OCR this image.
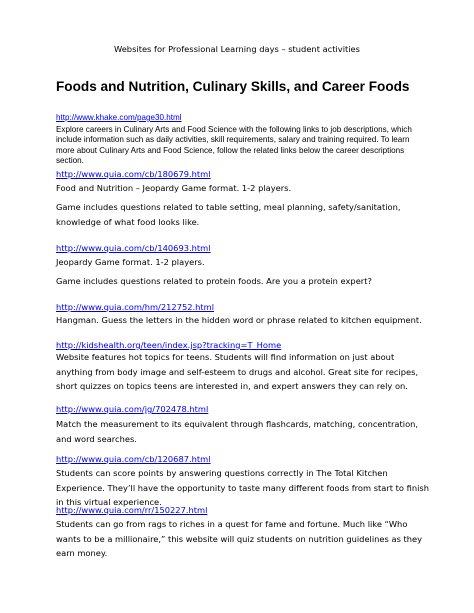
Websites for Professional Learning days – student activities
Foods and Nutrition, Culinary Skills, and Career Foods
http://www.khake.com/page30.html
Explore careers in Culinary Arts and Food Science with the following links to job descriptions, which include information such as daily activities, skill requirements, salary and training required. To learn more about Culinary Arts and Food Science, follow the related links below the career descriptions section.
http://www.quia.com/cb/180679.html
Food and Nutrition – Jeopardy Game format. 1-2 players.
Game includes questions related to table setting, meal planning, safety/sanitation, knowledge of what food looks like.
http://www.quia.com/cb/140693.html
Jeopardy Game format. 1-2 players.
Game includes questions related to protein foods. Are you a protein expert?
http://www.quia.com/hm/212752.html
Hangman. Guess the letters in the hidden word or phrase related to kitchen equipment.
http://kidshealth.org/teen/index.jsp?tracking=T_Home
Website features hot topics for teens. Students will find information on just about anything from body image and self-esteem to drugs and alcohol. Great site for recipes, short quizzes on topics teens are interested in, and expert answers they can rely on.
http://www.quia.com/jg/702478.html
Match the measurement to its equivalent through flashcards, matching, concentration, and word searches.
http://www.quia.com/cb/120687.html
Students can score points by answering questions correctly in The Total Kitchen Experience. They’ll have the opportunity to taste many different foods from start to finish in this virtual experience.
http://www.quia.com/rr/150227.html
Students can go from rags to riches in a quest for fame and fortune. Much like “Who wants to be a millionaire,” this website will quiz students on nutrition guidelines as they earn money.
